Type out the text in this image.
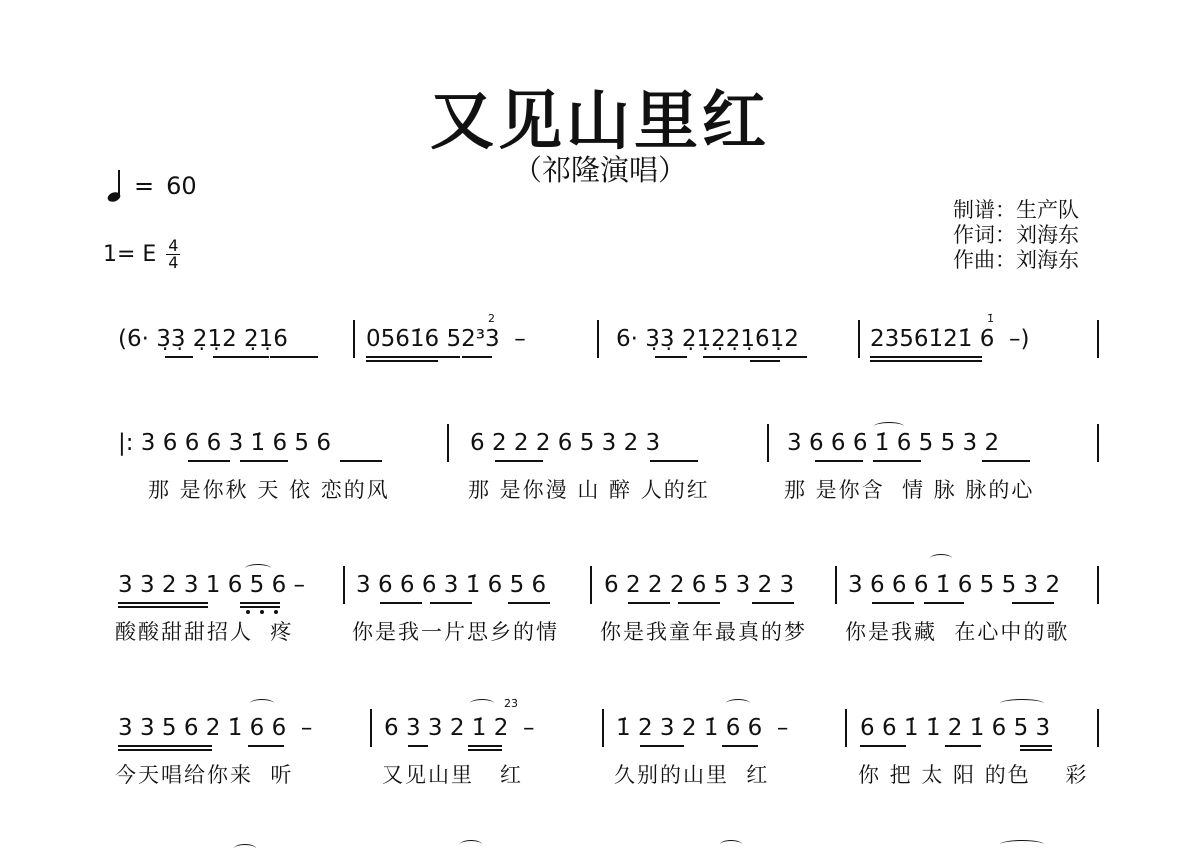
又见山里红
（祁隆演唱）
= 60
1= E $\frac{4}{4}$
制谱： 生产队
作词： 刘海东
作曲： 刘海东
(6· 3̣3̣ 2̣1̣2 2̣1̣6	0561̇6 52³3  –	6· 3̣3̣ 2̣1̣2̣2̣1̣61̣2	23561̇21̇ 6  –)
2	1̇
|: 3 6 6 6 3 1̇ 6 5 6	6 2 2 2 6 5 3 2 3	3 6 6 6 1̇ 6 5 5 3 2
那 是你秋 天 依 恋的风	那 是你漫 山 醉 人的红	那 是你含  情 脉 脉的心
3 3 2 3 1 6 5 6 – 3 6 6 6 3 1̇ 6 5 6	6 2 2 2 6 5 3 2 3 3 6 6 6 1̇ 6 5 5 3 2
酸酸甜甜招人  疼	你是我一片思乡的情 你是我童年最真的梦 你是我藏  在心中的歌
3 3 5 6 2 1̇ 6 6  –	6 3 3 2 1̇ 2  –	1̇ 2 3 2 1̇ 6 6  –	6 6 1̇ 1̇ 2 1̇ 6 5 3
2̇3̇
今天唱给你来  听	又见山里   红	久别的山里  红	你 把 太 阳 的色    彩
